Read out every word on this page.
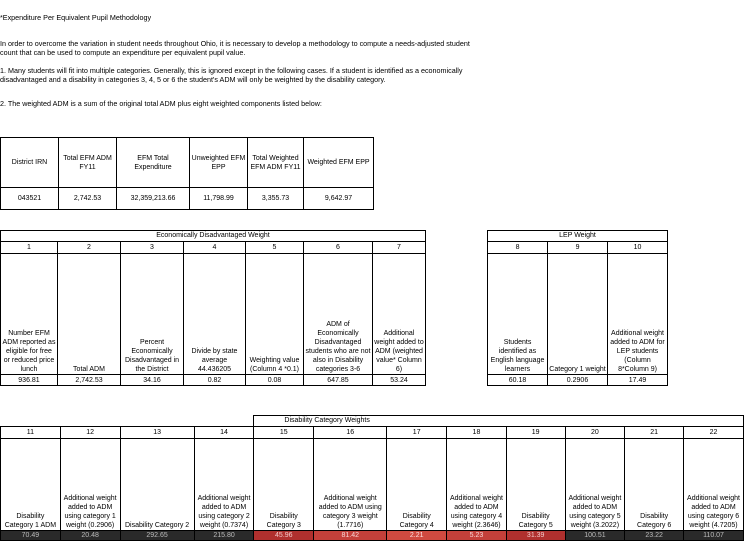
*Expenditure Per Equivalent Pupil Methodology
In order to overcome the variation in student needs throughout Ohio, it is necessary to develop a methodology to compute a needs-adjusted student
count that can be used to compute an expenditure per equivalent pupil value.
1. Many students will fit into multiple categories. Generally, this is ignored except in the following cases. If a student is identified as a economically
disadvantaged and a disability in categories 3, 4, 5 or 6 the student's ADM will only be weighted by the disability category.
2. The weighted ADM is a sum of the original total ADM plus eight weighted components listed below:
District IRN	Total EFM ADM FY11	EFM Total Expenditure	Unweighted EFM EPP	Total Weighted EFM ADM FY11	Weighted EFM EPP
043521	2,742.53	32,359,213.66	11,798.99	3,355.73	9,642.97
Economically Disadvantaged Weight								LEP Weight		
1	2	3	4	5	6	7		8	9	10
Number EFM ADM reported as eligible for free or reduced price lunch	Total ADM	Percent Economically Disadvantaged in the District	Divide by state average 44.436205	Weighting value (Column 4 *0.1)	ADM of Economically Disadvantaged students who are not also in Disability categories 3-6	Additional weight added to ADM (weighted value* Column 6)		Students identified as English language learners	Category 1 weight	Additional weight added to ADM for LEP students (Column 8*Column 9)
936.81	2,742.53	34.16	0.82	0.08	647.85	53.24		60.18	0.2906	17.49
				Disability Category Weights							
11	12	13	14	15	16	17	18	19	20	21	22
Disability Category 1 ADM	Additional weight added to ADM using category 1 weight (0.2906)	Disability Category 2	Additional weight added to ADM using category 2 weight (0.7374)	Disability Category 3	Additional weight added to ADM using category 3 weight (1.7716)	Disability Category 4	Additional weight added to ADM using category 4 weight (2.3646)	Disability Category 5	Additional weight added to ADM using category 5 weight (3.2022)	Disability Category 6	Additional weight added to ADM using category 6 weight (4.7205)
70.49	20.48	292.65	215.80	45.96	81.42	2.21	5.23	31.39	100.51	23.22	110.07
